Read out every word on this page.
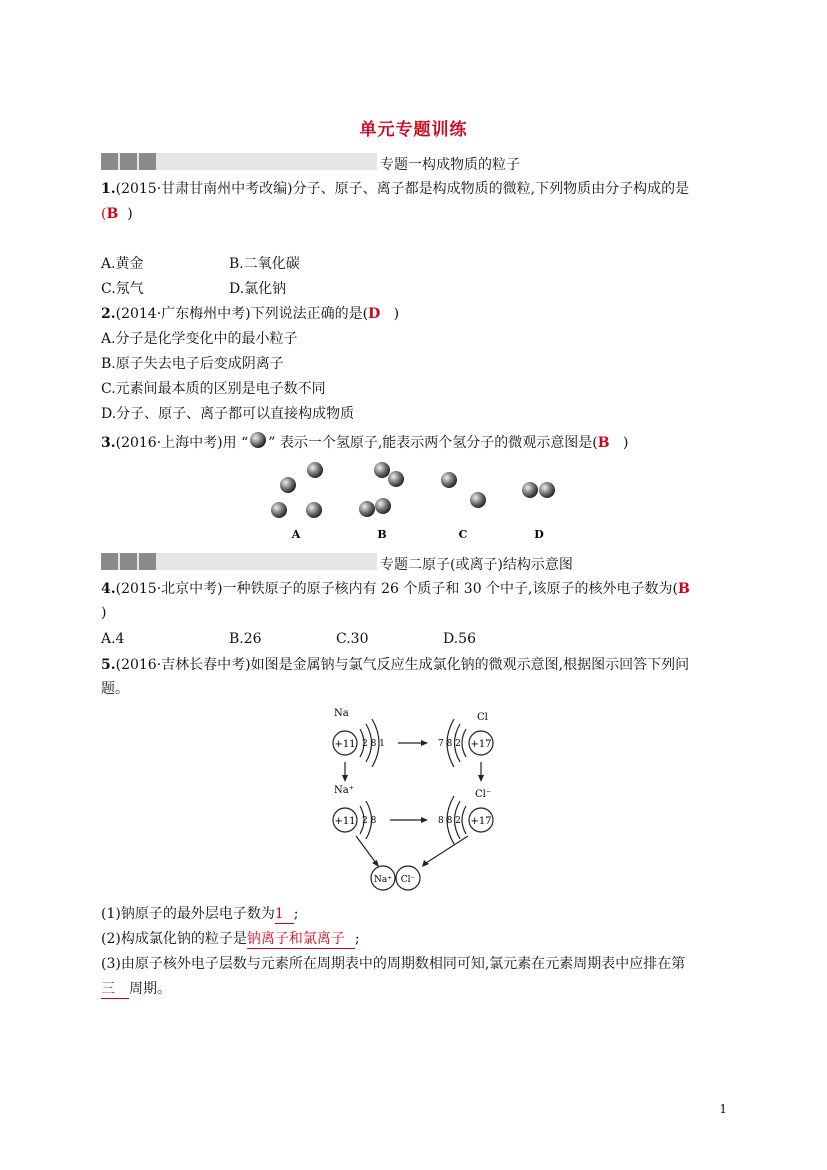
单元专题训练
专题一构成物质的粒子
1.(2015·甘肃甘南州中考改编)分子、原子、离子都是构成物质的微粒,下列物质由分子构成的是
(B )
A.黄金	B.二氧化碳
C.氖气	D.氯化钠
2.(2014·广东梅州中考)下列说法正确的是(D )
A.分子是化学变化中的最小粒子
B.原子失去电子后变成阴离子
C.元素间最本质的区别是电子数不同
D.分子、原子、离子都可以直接构成物质
3.(2016·上海中考)用 “ ” 表示一个氢原子,能表示两个氢分子的微观示意图是(B )
A	B	C	D
专题二原子(或离子)结构示意图
4.(2015·北京中考)一种铁原子的原子核内有 26 个质子和 30 个中子,该原子的核外电子数为(B
)
A.4	B.26	C.30	D.56
5.(2016·吉林长春中考)如图是金属钠与氯气反应生成氯化钠的微观示意图,根据图示回答下列问
题。
Na
+11 2 8 1
Cl
+17
7 8 2
Na⁺
+11 2 8
Cl⁻
+17
8 8 2
Na⁺ Cl⁻
(1)钠原子的最外层电子数为1 ;
(2)构成氯化钠的粒子是钠离子和氯离子 ;
(3)由原子核外电子层数与元素所在周期表中的周期数相同可知,氯元素在元素周期表中应排在第
三 周期。
1
